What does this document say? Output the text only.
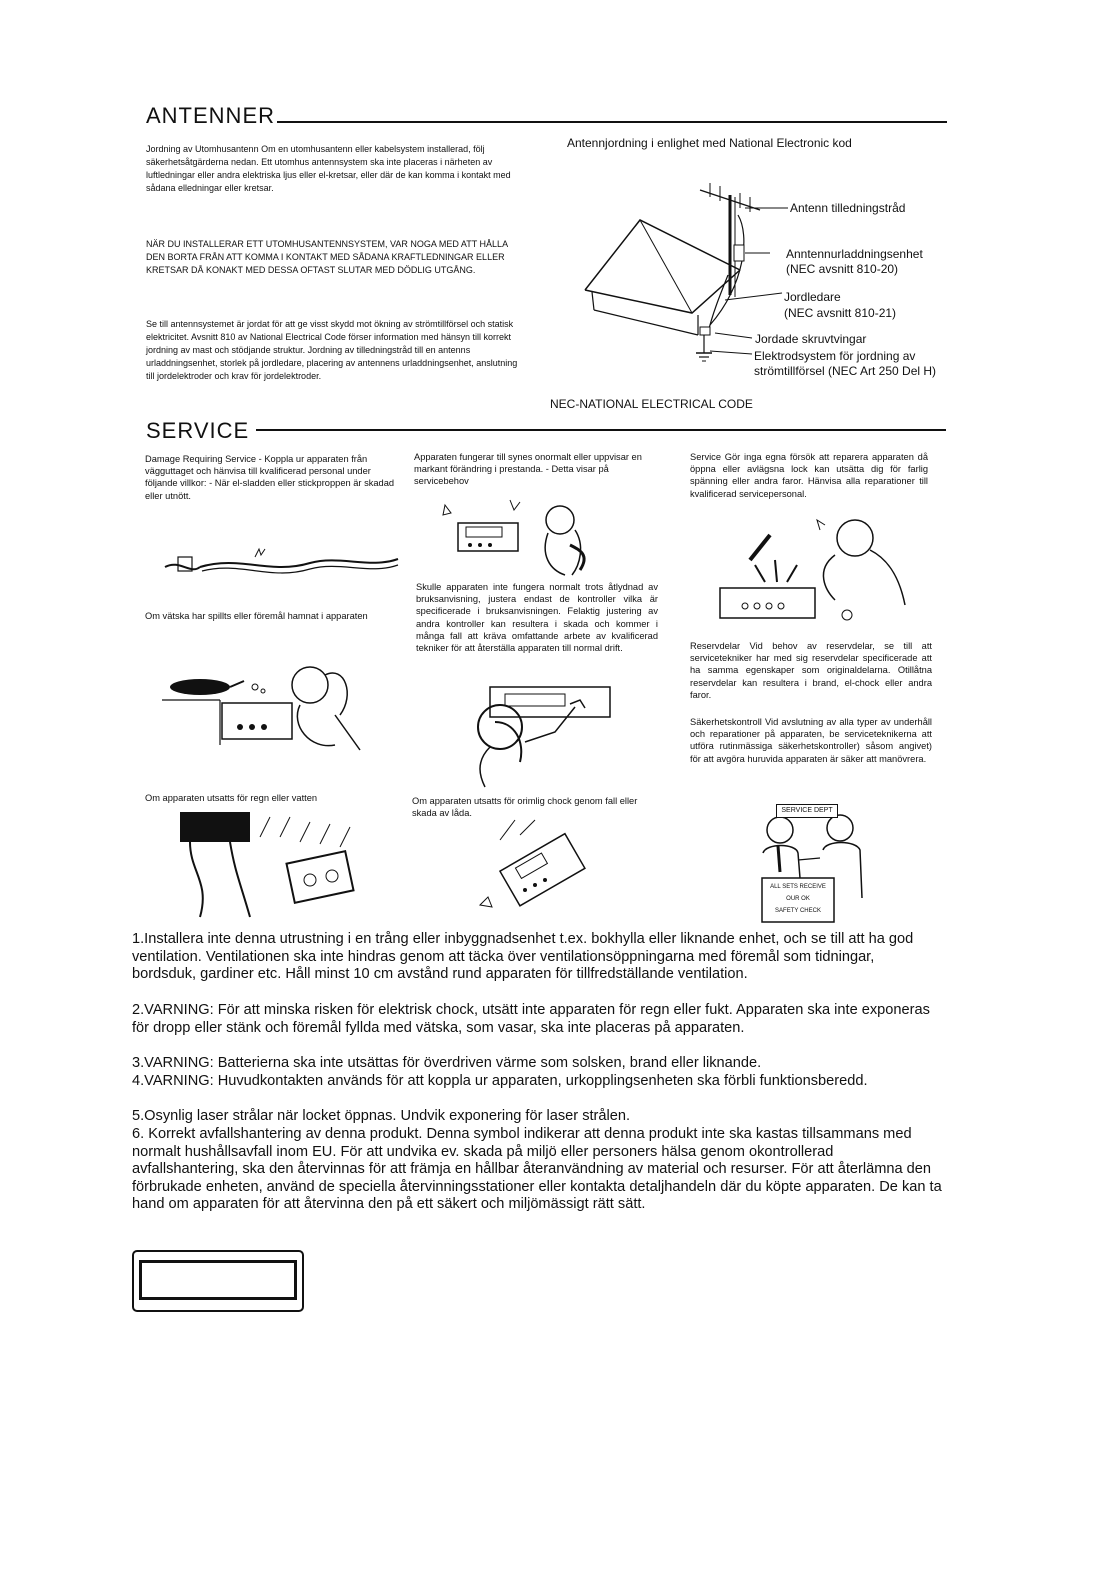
ANTENNER
Jordning av Utomhusantenn Om en utomhusantenn eller kabelsystem installerad, följ säkerhetsåtgärderna nedan. Ett utomhus antennsystem ska inte placeras i närheten av luftledningar eller andra elektriska ljus eller el-kretsar, eller där de kan komma i kontakt med sådana elledningar eller kretsar.
NÄR DU INSTALLERAR ETT UTOMHUSANTENNSYSTEM, VAR NOGA MED ATT HÅLLA DEN BORTA FRÅN ATT KOMMA I KONTAKT MED SÅDANA KRAFTLEDNINGAR ELLER KRETSAR DÅ KONAKT MED DESSA OFTAST SLUTAR MED DÖDLIG UTGÅNG.
Se till antennsystemet är jordat för att ge visst skydd mot ökning av strömtillförsel och statisk elektricitet. Avsnitt 810 av National Electrical Code förser information med hänsyn till korrekt jordning av mast och stödjande struktur. Jordning av tilledningstråd till en antenns urladdningsenhet, storlek på jordledare, placering av antennens urladdningsenhet, anslutning till jordelektroder och krav för jordelektroder.
Antennjordning i enlighet med National Electronic kod
Antenn tilledningstråd
Anntennurladdningsenhet
(NEC avsnitt 810-20)
Jordledare
(NEC avsnitt 810-21)
Jordade skruvtvingar
Elektrodsystem för jordning av
strömtillförsel (NEC Art 250 Del H)
NEC-NATIONAL ELECTRICAL CODE
SERVICE
Damage Requiring Service - Koppla ur apparaten från vägguttaget och hänvisa till kvalificerad personal under följande villkor: - När el-sladden eller stickproppen är skadad eller utnött.
Om vätska har spillts eller föremål hamnat i apparaten
Om apparaten utsatts för regn eller vatten
Apparaten fungerar till synes onormalt eller uppvisar en markant förändring i prestanda. - Detta visar på servicebehov
Skulle apparaten inte fungera normalt trots åtlydnad av bruksanvisning, justera endast de kontroller vilka är specificerade i bruksanvisningen. Felaktig justering av andra kontroller kan resultera i skada och kommer i många fall att kräva omfattande arbete av kvalificerad tekniker för att återställa apparaten till normal drift.
Om apparaten utsatts för orimlig chock genom fall eller skada av låda.
Service Gör inga egna försök att reparera apparaten då öppna eller avlägsna lock kan utsätta dig för farlig spänning eller andra faror. Hänvisa alla reparationer till kvalificerad servicepersonal.
Reservdelar Vid behov av reservdelar, se till att servicetekniker har med sig reservdelar specificerade att ha samma egenskaper som originaldelarna. Otillåtna reservdelar kan resultera i brand, el-chock eller andra faror.
Säkerhetskontroll Vid avslutning av alla typer av underhåll och reparationer på apparaten, be serviceteknikerna att utföra rutinmässiga säkerhetskontroller) såsom angivet) för att avgöra huruvida apparaten är säker att manövrera.
SERVICE DEPT
ALL SETS RECEIVE
OUR OK
SAFETY CHECK
1.Installera inte denna utrustning i en trång eller inbyggnadsenhet t.ex. bokhylla eller liknande enhet, och se till att ha god ventilation. Ventilationen ska inte hindras genom att täcka över ventilationsöppningarna med föremål som tidningar, bordsduk, gardiner etc. Håll minst 10 cm avstånd rund apparaten för tillfredställande ventilation.
2.VARNING: För att minska risken för elektrisk chock, utsätt inte apparaten för regn eller fukt. Apparaten ska inte exponeras för dropp eller stänk och föremål fyllda med vätska, som vasar, ska inte placeras på apparaten.
3.VARNING: Batterierna ska inte utsättas för överdriven värme som solsken, brand eller liknande.
4.VARNING: Huvudkontakten används för att koppla ur apparaten, urkopplingsenheten ska förbli funktionsberedd.
5.Osynlig laser strålar när locket öppnas. Undvik exponering för laser strålen.
6. Korrekt avfallshantering av denna produkt. Denna symbol indikerar att denna produkt inte ska kastas tillsammans med normalt hushållsavfall inom EU. För att undvika ev. skada på miljö eller personers hälsa genom okontrollerad avfallshantering, ska den återvinnas för att främja en hållbar återanvändning av material och resurser. För att återlämna den förbrukade enheten, använd de speciella återvinningsstationer eller kontakta detaljhandeln där du köpte apparaten. De kan ta hand om apparaten för att återvinna den på ett säkert och miljömässigt rätt sätt.
